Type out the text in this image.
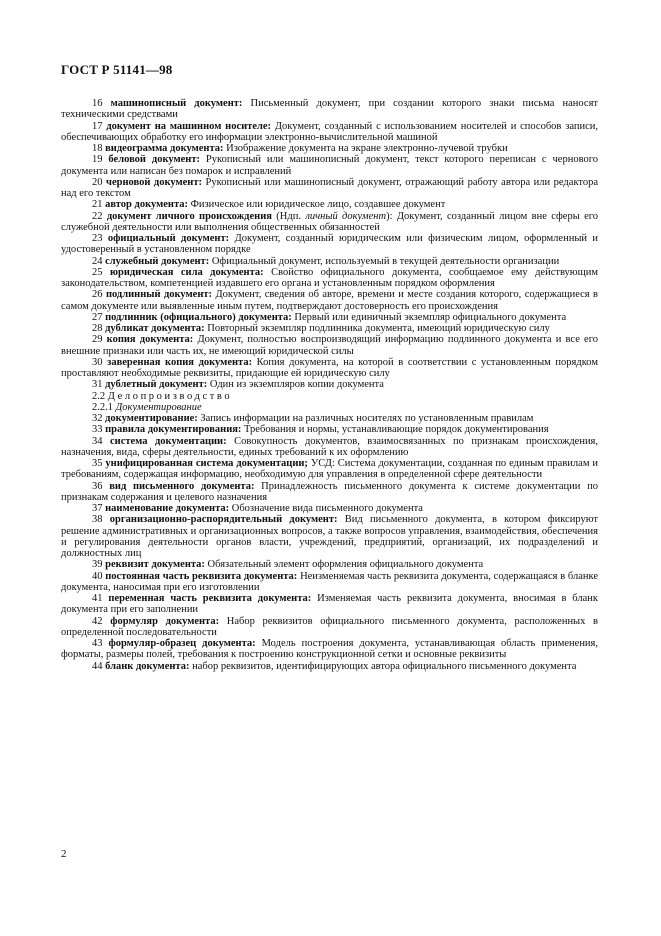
ГОСТ Р 51141—98

16 машинописный документ: Письменный документ, при создании которого знаки письма наносят техническими средствами

17 документ на машинном носителе: Документ, созданный с использованием носителей и способов записи, обеспечивающих обработку его информации электронно-вычислительной машиной

18 видеограмма документа: Изображение документа на экране электронно-лучевой трубки

19 беловой документ: Рукописный или машинописный документ, текст которого переписан с чернового документа или написан без помарок и исправлений

20 черновой документ: Рукописный или машинописный документ, отражающий работу автора или редактора над его текстом

21 автор документа: Физическое или юридическое лицо, создавшее документ

22 документ личного происхождения (Ндп. личный документ): Документ, созданный лицом вне сферы его служебной деятельности или выполнения общественных обязанностей

23 официальный документ: Документ, созданный юридическим или физическим лицом, оформленный и удостоверенный в установленном порядке

24 служебный документ: Официальный документ, используемый в текущей деятельности организации

25 юридическая сила документа: Свойство официального документа, сообщаемое ему действующим законодательством, компетенцией издавшего его органа и установленным порядком оформления

26 подлинный документ: Документ, сведения об авторе, времени и месте создания которого, содержащиеся в самом документе или выявленные иным путем, подтверждают достоверность его происхождения

27 подлинник (официального) документа: Первый или единичный экземпляр официального документа

28 дубликат документа: Повторный экземпляр подлинника документа, имеющий юридическую силу

29 копия документа: Документ, полностью воспроизводящий информацию подлинного документа и все его внешние признаки или часть их, не имеющий юридической силы

30 заверенная копия документа: Копия документа, на которой в соответствии с установленным порядком проставляют необходимые реквизиты, придающие ей юридическую силу

31 дублетный документ: Один из экземпляров копии документа

2.2 Делопроизводство

2.2.1 Документирование

32 документирование: Запись информации на различных носителях по установленным правилам

33 правила документирования: Требования и нормы, устанавливающие порядок документирования

34 система документации: Совокупность документов, взаимосвязанных по признакам происхождения, назначения, вида, сферы деятельности, единых требований к их оформлению

35 унифицированная система документации; УСД: Система документации, созданная по единым правилам и требованиям, содержащая информацию, необходимую для управления в определенной сфере деятельности

36 вид письменного документа: Принадлежность письменного документа к системе документации по признакам содержания и целевого назначения

37 наименование документа: Обозначение вида письменного документа

38 организационно-распорядительный документ: Вид письменного документа, в котором фиксируют решение административных и организационных вопросов, а также вопросов управления, взаимодействия, обеспечения и регулирования деятельности органов власти, учреждений, предприятий, организаций, их подразделений и должностных лиц

39 реквизит документа: Обязательный элемент оформления официального документа

40 постоянная часть реквизита документа: Неизменяемая часть реквизита документа, содержащаяся в бланке документа, наносимая при его изготовлении

41 переменная часть реквизита документа: Изменяемая часть реквизита документа, вносимая в бланк документа при его заполнении

42 формуляр документа: Набор реквизитов официального письменного документа, расположенных в определенной последовательности

43 формуляр-образец документа: Модель построения документа, устанавливающая область применения, форматы, размеры полей, требования к построению конструкционной сетки и основные реквизиты

44 бланк документа: набор реквизитов, идентифицирующих автора официального письменного документа

2
